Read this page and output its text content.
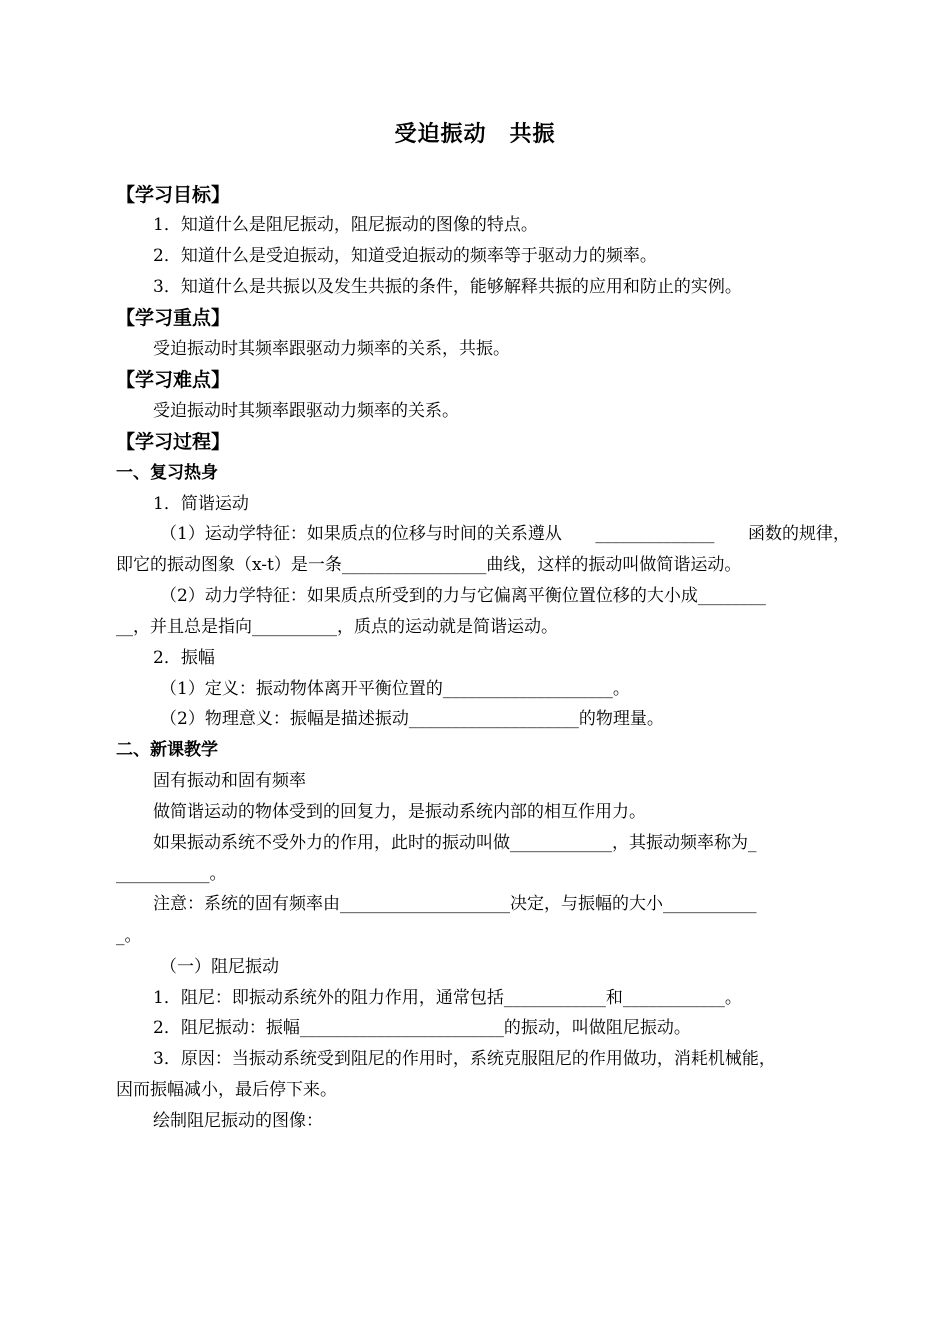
受迫振动　共振
【学习目标】
1．知道什么是阻尼振动，阻尼振动的图像的特点。
2．知道什么是受迫振动，知道受迫振动的频率等于驱动力的频率。
3．知道什么是共振以及发生共振的条件，能够解释共振的应用和防止的实例。
【学习重点】
受迫振动时其频率跟驱动力频率的关系，共振。
【学习难点】
受迫振动时其频率跟驱动力频率的关系。
【学习过程】
一、复习热身
1．简谐运动
（1）运动学特征：如果质点的位移与时间的关系遵从 ______________ 函数的规律，
即它的振动图象（x-t）是一条_________________曲线，这样的振动叫做简谐运动。
（2）动力学特征：如果质点所受到的力与它偏离平衡位置位移的大小成________
__，并且总是指向__________，质点的运动就是简谐运动。
2．振幅
（1）定义：振动物体离开平衡位置的____________________。
（2）物理意义：振幅是描述振动____________________的物理量。
二、新课教学
固有振动和固有频率
做简谐运动的物体受到的回复力，是振动系统内部的相互作用力。
如果振动系统不受外力的作用，此时的振动叫做____________，其振动频率称为_
___________。
注意：系统的固有频率由____________________决定，与振幅的大小___________
_。
（一）阻尼振动
1．阻尼：即振动系统外的阻力作用，通常包括____________和____________。
2．阻尼振动：振幅________________________的振动，叫做阻尼振动。
3．原因：当振动系统受到阻尼的作用时，系统克服阻尼的作用做功，消耗机械能，
因而振幅减小，最后停下来。
绘制阻尼振动的图像：
